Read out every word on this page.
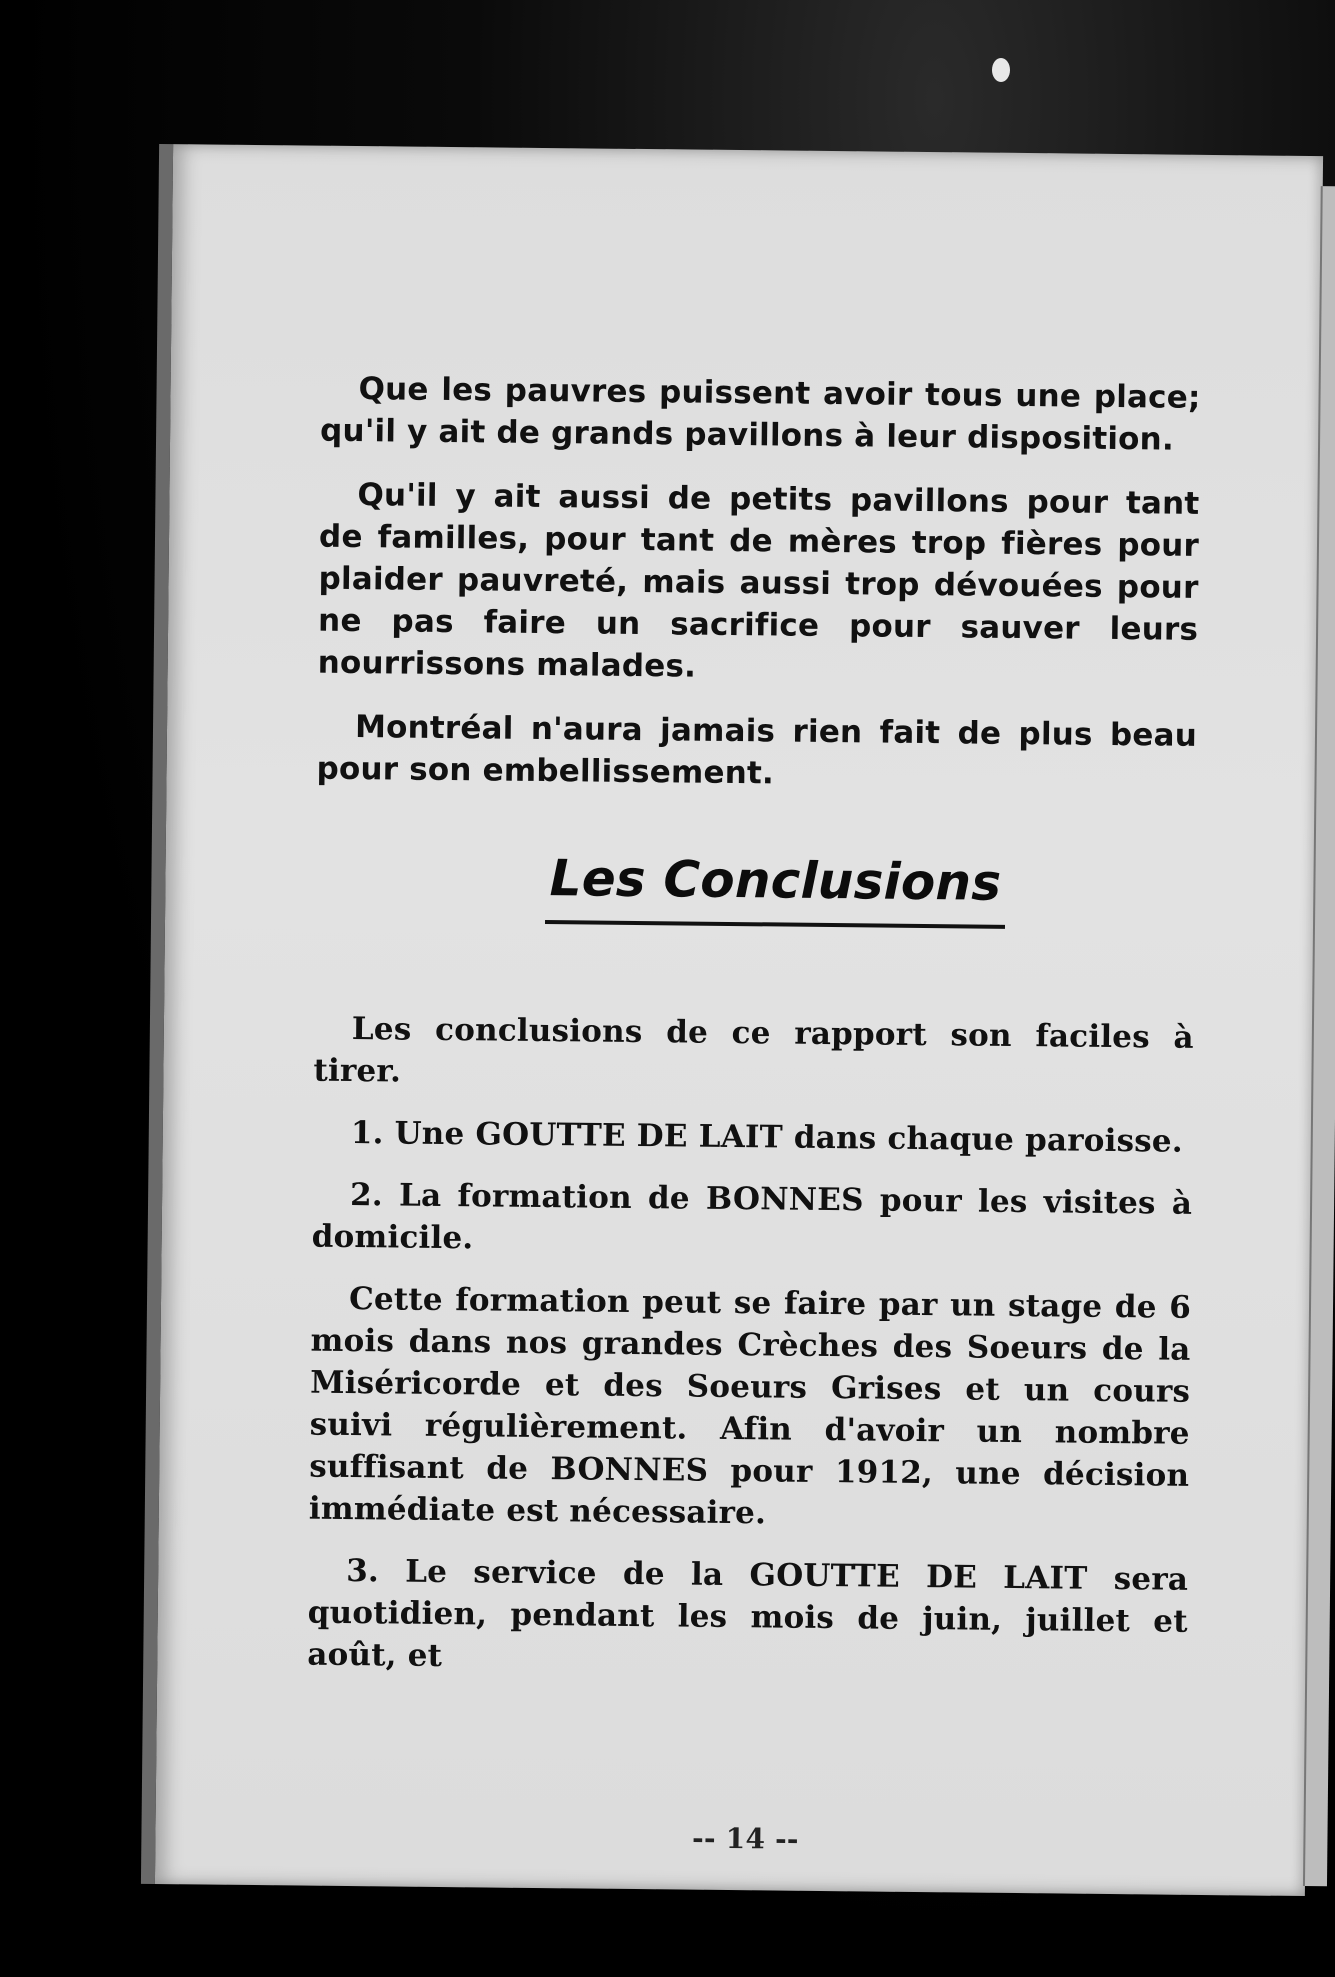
Que les pauvres puissent avoir tous une place; qu'il y ait de grands pavillons à leur disposition.

Qu'il y ait aussi de petits pavillons pour tant de familles, pour tant de mères trop fières pour plaider pauvreté, mais aussi trop dévouées pour ne pas faire un sacrifice pour sauver leurs nourrissons malades.

Montréal n'aura jamais rien fait de plus beau pour son embellissement.

Les Conclusions

Les conclusions de ce rapport son faciles à tirer.

1. Une GOUTTE DE LAIT dans chaque paroisse.

2. La formation de BONNES pour les visites à domicile.

Cette formation peut se faire par un stage de 6 mois dans nos grandes Crèches des Soeurs de la Miséricorde et des Soeurs Grises et un cours suivi régulièrement. Afin d'avoir un nombre suffisant de BONNES pour 1912, une décision immédiate est nécessaire.

3. Le service de la GOUTTE DE LAIT sera quotidien, pendant les mois de juin, juillet et août, et

-- 14 --
